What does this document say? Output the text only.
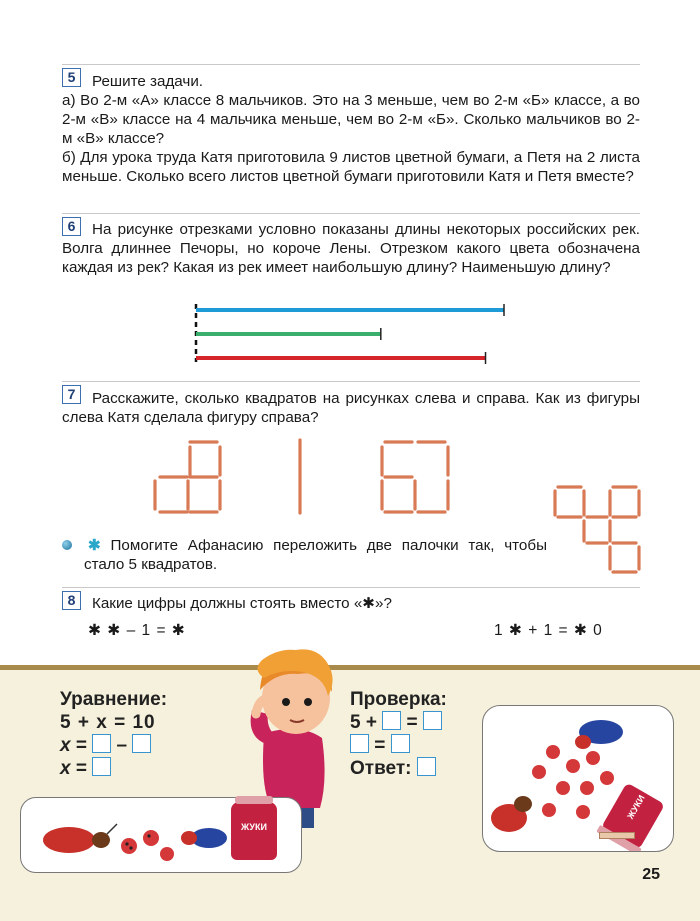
5	Решите задачи.

а) Во 2-м «А» классе 8 мальчиков. Это на 3 меньше, чем во 2-м «Б» классе, а во 2-м «В» классе на 4 мальчика меньше, чем во 2-м «Б». Сколько мальчиков во 2-м «В» классе?

б) Для урока труда Катя приготовила 9 листов цветной бумаги, а Петя на 2 листа меньше. Сколько всего листов цветной бумаги приготовили Катя и Петя вместе?

6	На рисунке отрезками условно показаны длины некоторых российских рек. Волга длиннее Печоры, но короче Лены. Отрезком какого цвета обозначена каждая из рек? Какая из рек имеет наибольшую длину? Наименьшую длину?

7	Расскажите, сколько квадратов на рисунках слева и справа. Как из фигуры слева Катя сделала фигуру справа?

✱ Помогите Афанасию переложить две палочки так, чтобы стало 5 квадратов.

8	Какие цифры должны стоять вместо «✱»?

✱ ✱ – 1 = ✱	1 ✱ + 1 = ✱ 0
Уравнение:
5 + x = 10
x = –
x =
Проверка:
5 + =
=
Ответ:
ЖУКИ
ЖУКИ
25
